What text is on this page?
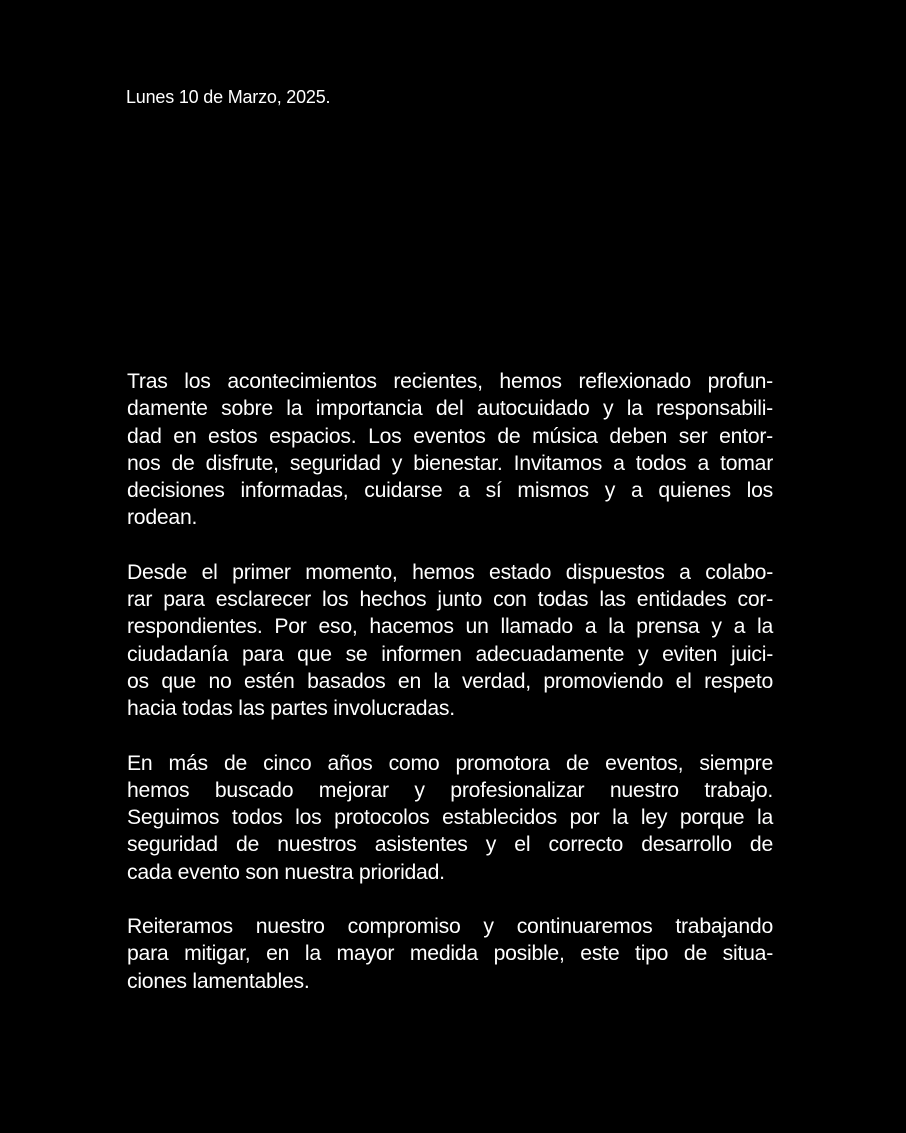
Lunes 10 de Marzo, 2025.

Tras los acontecimientos recientes, hemos reflexionado profun-
damente sobre la importancia del autocuidado y la responsabili-
dad en estos espacios. Los eventos de música deben ser entor-
nos de disfrute, seguridad y bienestar. Invitamos a todos a tomar
decisiones informadas, cuidarse a sí mismos y a quienes los
rodean.

Desde el primer momento, hemos estado dispuestos a colabo-
rar para esclarecer los hechos junto con todas las entidades cor-
respondientes. Por eso, hacemos un llamado a la prensa y a la
ciudadanía para que se informen adecuadamente y eviten juici-
os que no estén basados en la verdad, promoviendo el respeto
hacia todas las partes involucradas.

En más de cinco años como promotora de eventos, siempre
hemos buscado mejorar y profesionalizar nuestro trabajo.
Seguimos todos los protocolos establecidos por la ley porque la
seguridad de nuestros asistentes y el correcto desarrollo de
cada evento son nuestra prioridad.

Reiteramos nuestro compromiso y continuaremos trabajando
para mitigar, en la mayor medida posible, este tipo de situa-
ciones lamentables.
